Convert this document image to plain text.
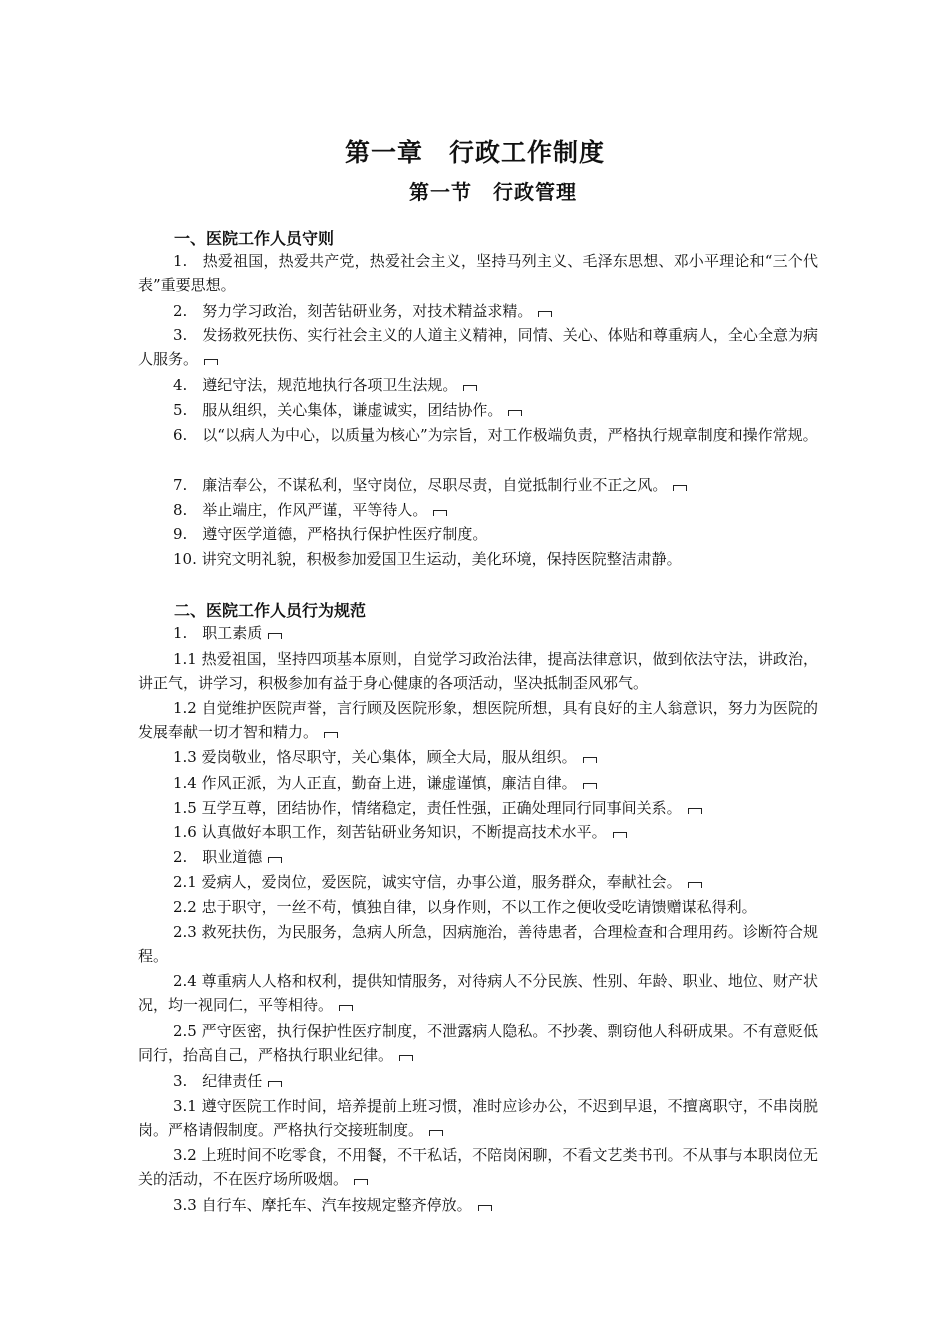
第一章　行政工作制度
第一节　行政管理
一、医院工作人员守则
1.　热爱祖国，热爱共产党，热爱社会主义，坚持马列主义、毛泽东思想、邓小平理论和“三个代表”重要思想。
2.　努力学习政治，刻苦钻研业务，对技术精益求精。
3.　发扬救死扶伤、实行社会主义的人道主义精神，同情、关心、体贴和尊重病人，全心全意为病人服务。
4.　遵纪守法，规范地执行各项卫生法规。
5.　服从组织，关心集体，谦虚诚实，团结协作。
6.　以“以病人为中心，以质量为核心”为宗旨，对工作极端负责，严格执行规章制度和操作常规。
7.　廉洁奉公，不谋私利，坚守岗位，尽职尽责，自觉抵制行业不正之风。
8.　举止端庄，作风严谨，平等待人。
9.　遵守医学道德，严格执行保护性医疗制度。
10. 讲究文明礼貌，积极参加爱国卫生运动，美化环境，保持医院整洁肃静。
二、医院工作人员行为规范
1.　职工素质
1.1 热爱祖国，坚持四项基本原则，自觉学习政治法律，提高法律意识，做到依法守法，讲政治，讲正气，讲学习，积极参加有益于身心健康的各项活动，坚决抵制歪风邪气。
1.2 自觉维护医院声誉，言行顾及医院形象，想医院所想，具有良好的主人翁意识，努力为医院的发展奉献一切才智和精力。
1.3 爱岗敬业，恪尽职守，关心集体，顾全大局，服从组织。
1.4 作风正派，为人正直，勤奋上进，谦虚谨慎，廉洁自律。
1.5 互学互尊，团结协作，情绪稳定，责任性强，正确处理同行同事间关系。
1.6 认真做好本职工作，刻苦钻研业务知识，不断提高技术水平。
2.　职业道德
2.1 爱病人，爱岗位，爱医院，诚实守信，办事公道，服务群众，奉献社会。
2.2 忠于职守，一丝不苟，慎独自律，以身作则，不以工作之便收受吃请馈赠谋私得利。
2.3 救死扶伤，为民服务，急病人所急，因病施治，善待患者，合理检查和合理用药。诊断符合规程。
2.4 尊重病人人格和权利，提供知情服务，对待病人不分民族、性别、年龄、职业、地位、财产状况，均一视同仁，平等相待。
2.5 严守医密，执行保护性医疗制度，不泄露病人隐私。不抄袭、剽窃他人科研成果。不有意贬低同行，抬高自己，严格执行职业纪律。
3.　纪律责任
3.1 遵守医院工作时间，培养提前上班习惯，准时应诊办公，不迟到早退，不擅离职守，不串岗脱岗。严格请假制度。严格执行交接班制度。
3.2 上班时间不吃零食，不用餐，不干私话，不陪岗闲聊，不看文艺类书刊。不从事与本职岗位无关的活动，不在医疗场所吸烟。
3.3 自行车、摩托车、汽车按规定整齐停放。
